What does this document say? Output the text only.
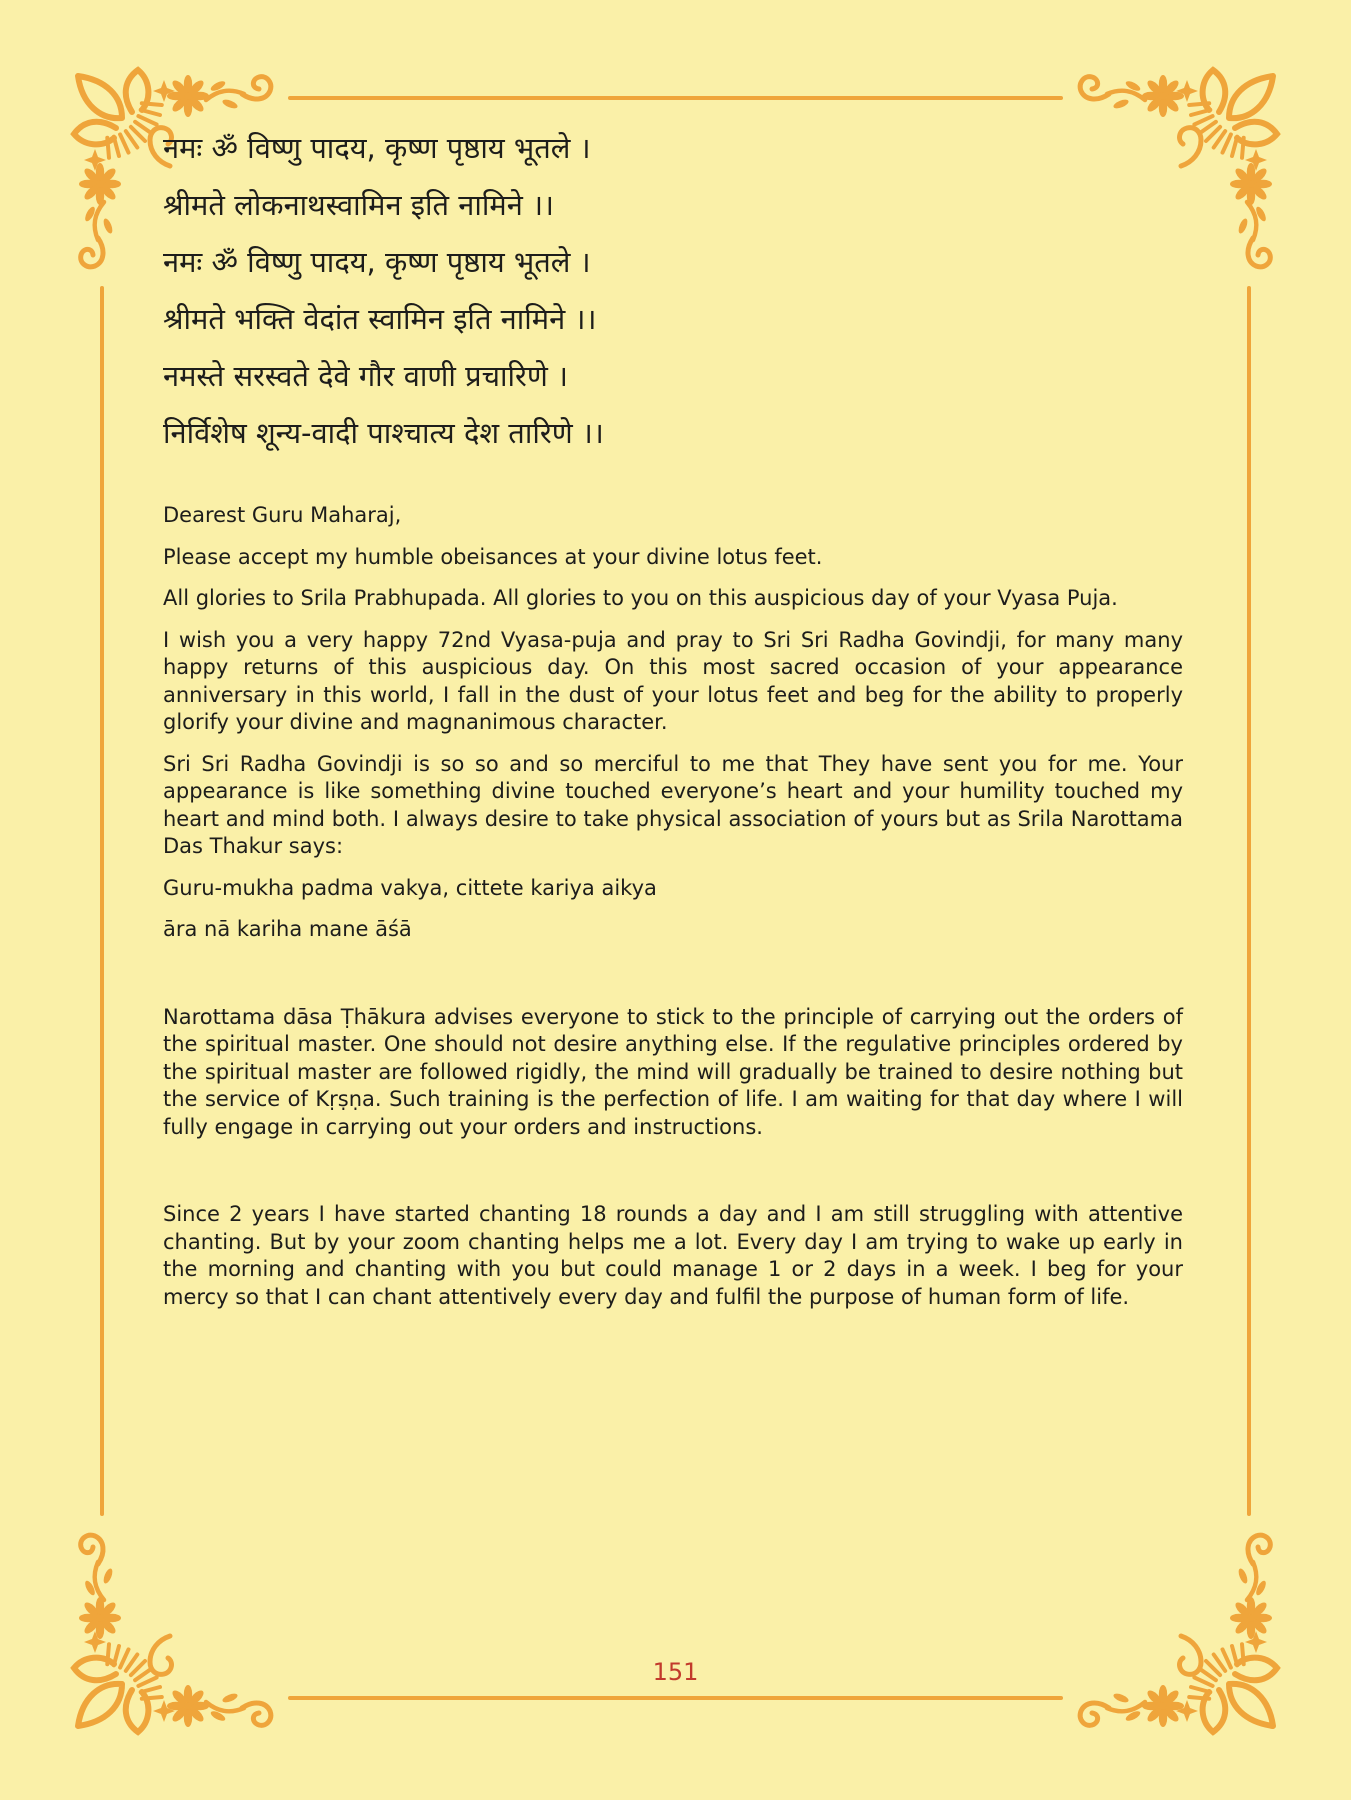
नमः ॐ विष्णु पादय, कृष्ण पृष्ठाय भूतले ।

श्रीमते लोकनाथस्वामिन इति नामिने ।।

नमः ॐ विष्णु पादय, कृष्ण पृष्ठाय भूतले ।

श्रीमते भक्ति वेदांत स्वामिन इति नामिने ।।

नमस्ते सरस्वते देवे गौर वाणी प्रचारिणे ।

निर्विशेष शून्य-वादी पाश्चात्य देश तारिणे ।।

Dearest Guru Maharaj,

Please accept my humble obeisances at your divine lotus feet.

All glories to Srila Prabhupada. All glories to you on this auspicious day of your Vyasa Puja.

I wish you a very happy 72nd Vyasa-puja and pray to Sri Sri Radha Govindji, for many many happy returns of this auspicious day. On this most sacred occasion of your appearance anniversary in this world, I fall in the dust of your lotus feet and beg for the ability to properly glorify your divine and magnanimous character.

Sri Sri Radha Govindji is so so and so merciful to me that They have sent you for me. Your appearance is like something divine touched everyone’s heart and your humility touched my heart and mind both. I always desire to take physical association of yours but as Srila Narottama Das Thakur says:

Guru-mukha padma vakya, cittete kariya aikya

āra nā kariha mane āśā

Narottama dāsa Ṭhākura advises everyone to stick to the principle of carrying out the orders of the spiritual master. One should not desire anything else. If the regulative principles ordered by the spiritual master are followed rigidly, the mind will gradually be trained to desire nothing but the service of Kṛṣṇa. Such training is the perfection of life. I am waiting for that day where I will fully engage in carrying out your orders and instructions.

Since 2 years I have started chanting 18 rounds a day and I am still struggling with attentive chanting. But by your zoom chanting helps me a lot. Every day I am trying to wake up early in the morning and chanting with you but could manage 1 or 2 days in a week. I beg for your mercy so that I can chant attentively every day and fulfil the purpose of human form of life.

151
